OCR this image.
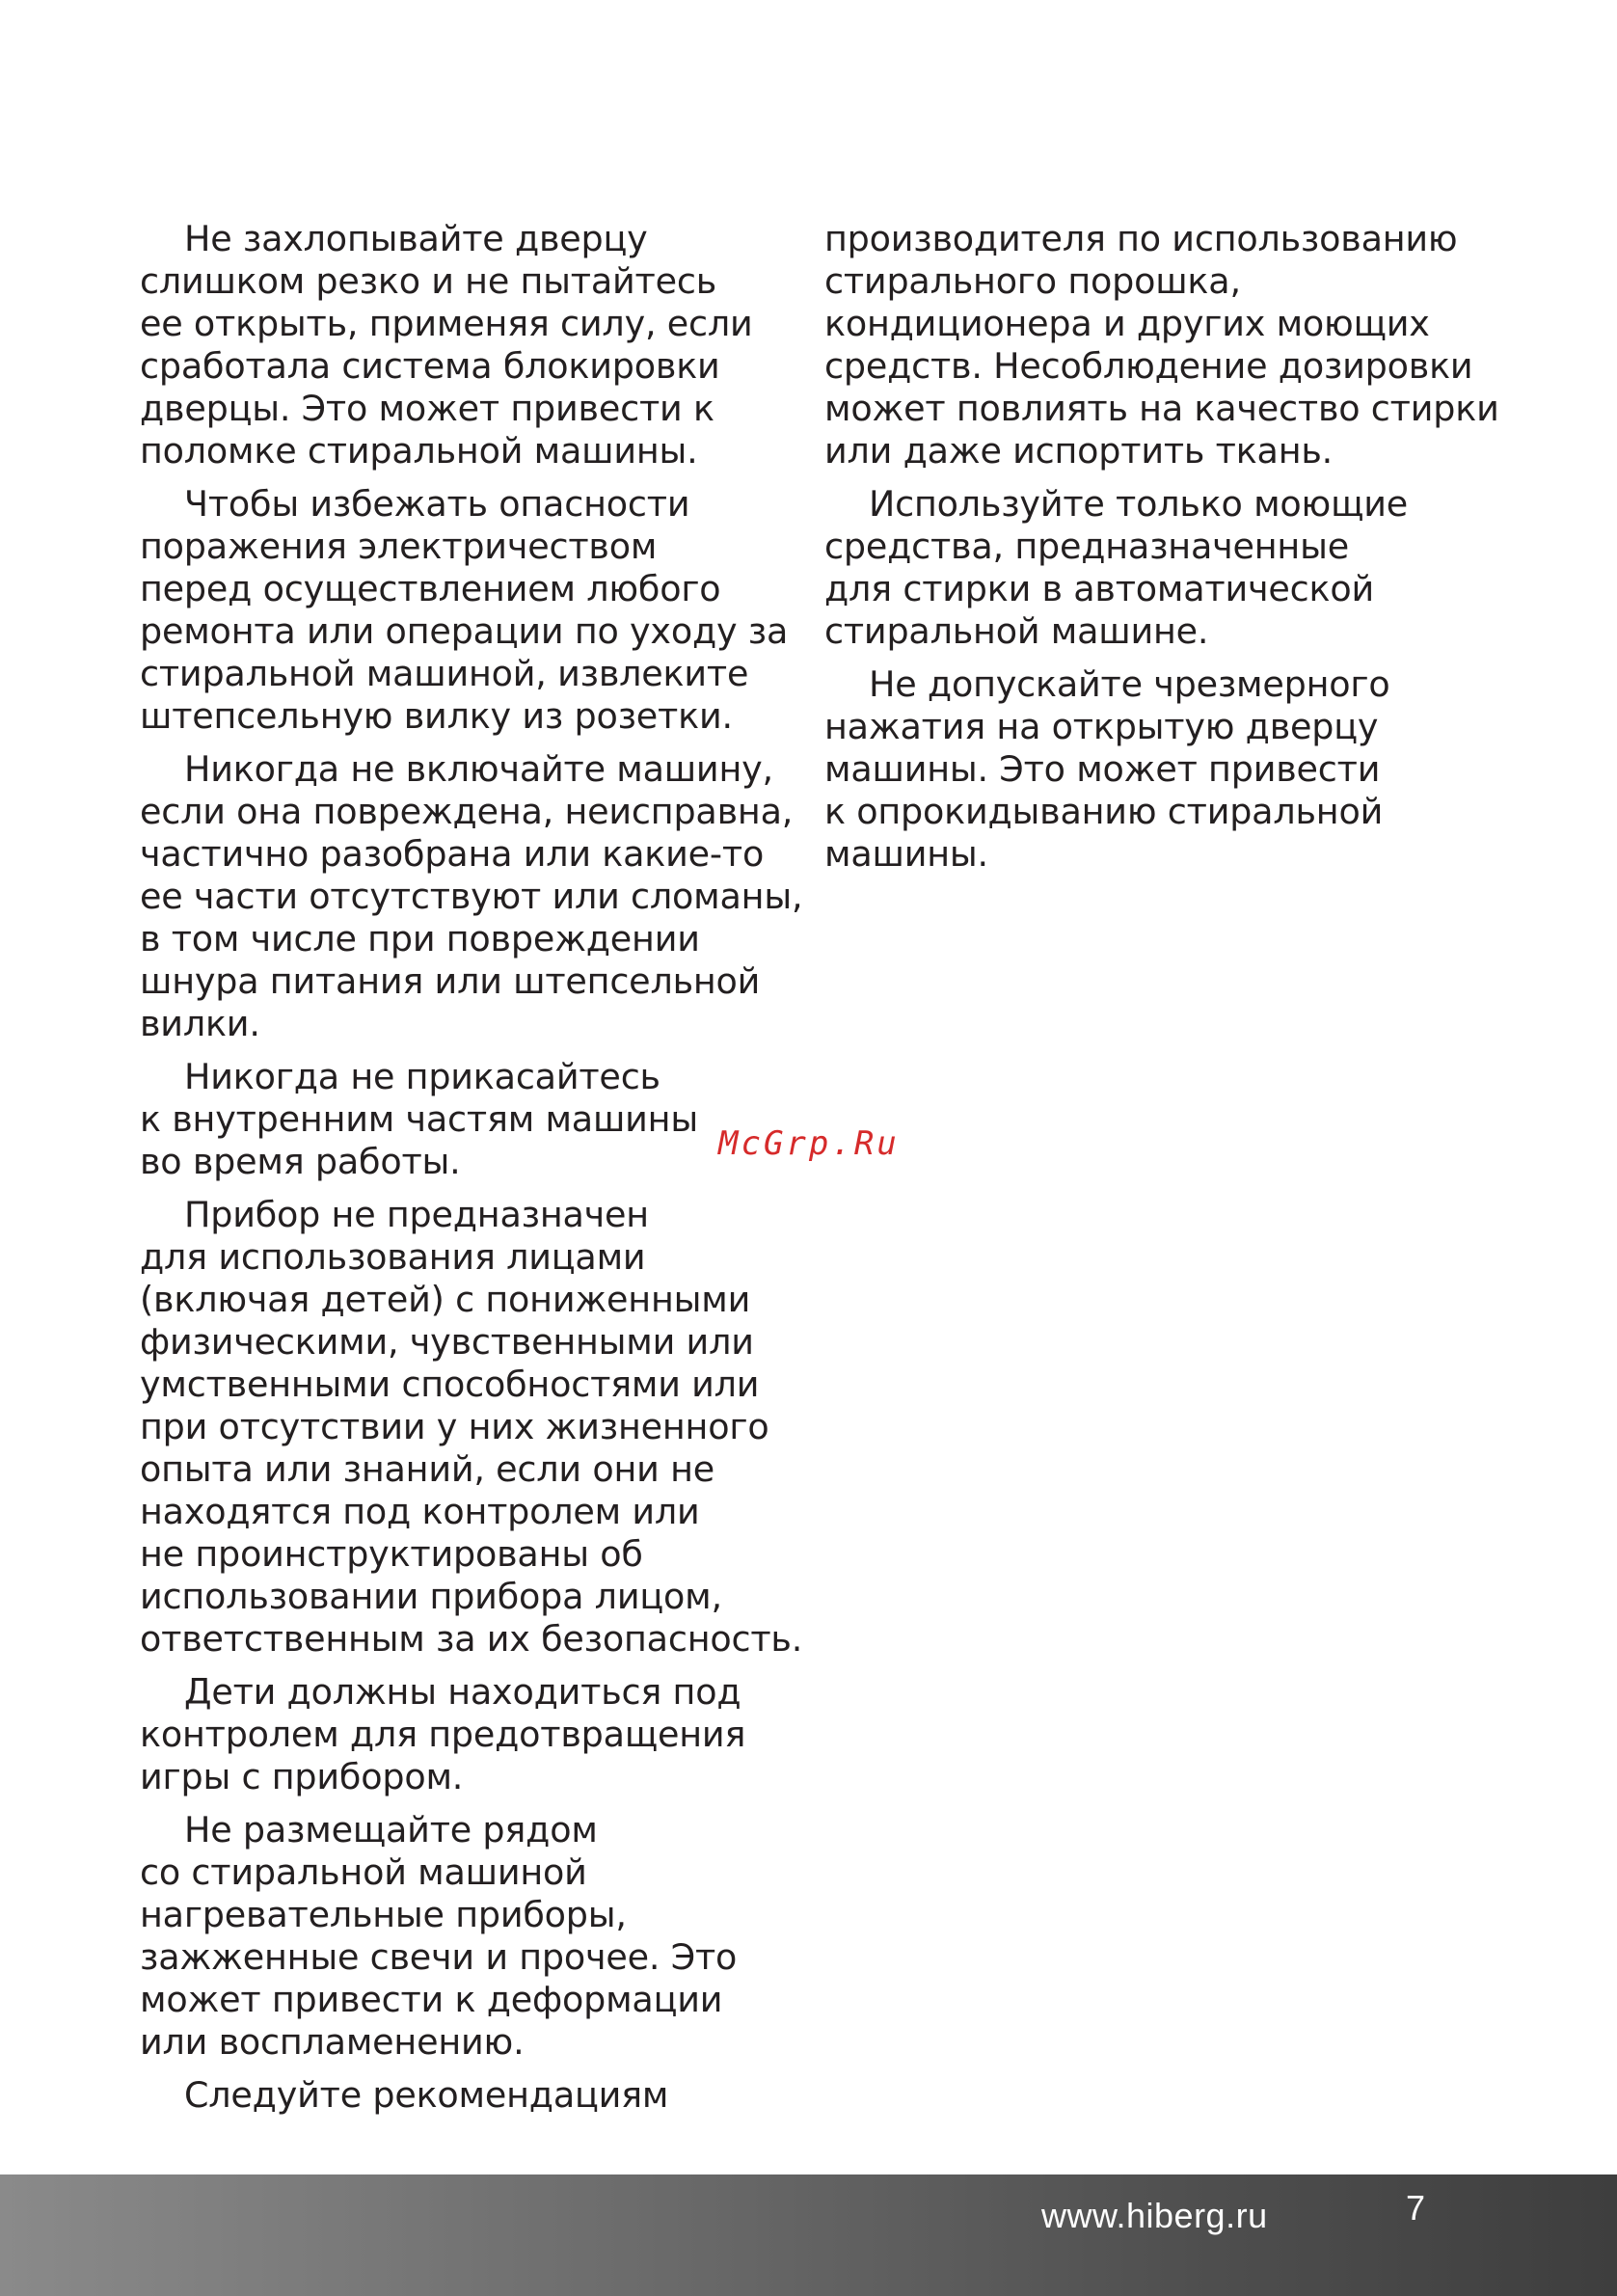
Не захлопывайте дверцу
слишком резко и не пытайтесь
ее открыть, применяя силу, если
сработала система блокировки
дверцы. Это может привести к
поломке стиральной машины.

Чтобы избежать опасности
поражения электричеством
перед осуществлением любого
ремонта или операции по уходу за
стиральной машиной, извлеките
штепсельную вилку из розетки.

Никогда не включайте машину,
если она повреждена, неисправна,
частично разобрана или какие-то
ее части отсутствуют или сломаны,
в том числе при повреждении
шнура питания или штепсельной
вилки.

Никогда не прикасайтесь
к внутренним частям машины
во время работы.

Прибор не предназначен
для использования лицами
(включая детей) с пониженными
физическими, чувственными или
умственными способностями или
при отсутствии у них жизненного
опыта или знаний, если они не
находятся под контролем или
не проинструктированы об
использовании прибора лицом,
ответственным за их безопасность.

Дети должны находиться под
контролем для предотвращения
игры с прибором.

Не размещайте рядом
со стиральной машиной
нагревательные приборы,
зажженные свечи и прочее. Это
может привести к деформации
или воспламенению.

Следуйте рекомендациям

производителя по использованию
стирального порошка,
кондиционера и других моющих
средств. Несоблюдение дозировки
может повлиять на качество стирки
или даже испортить ткань.

Используйте только моющие
средства, предназначенные
для стирки в автоматической
стиральной машине.

Не допускайте чрезмерного
нажатия на открытую дверцу
машины. Это может привести
к опрокидыванию стиральной
машины.

McGrp.Ru
www.hiberg.ru	7
